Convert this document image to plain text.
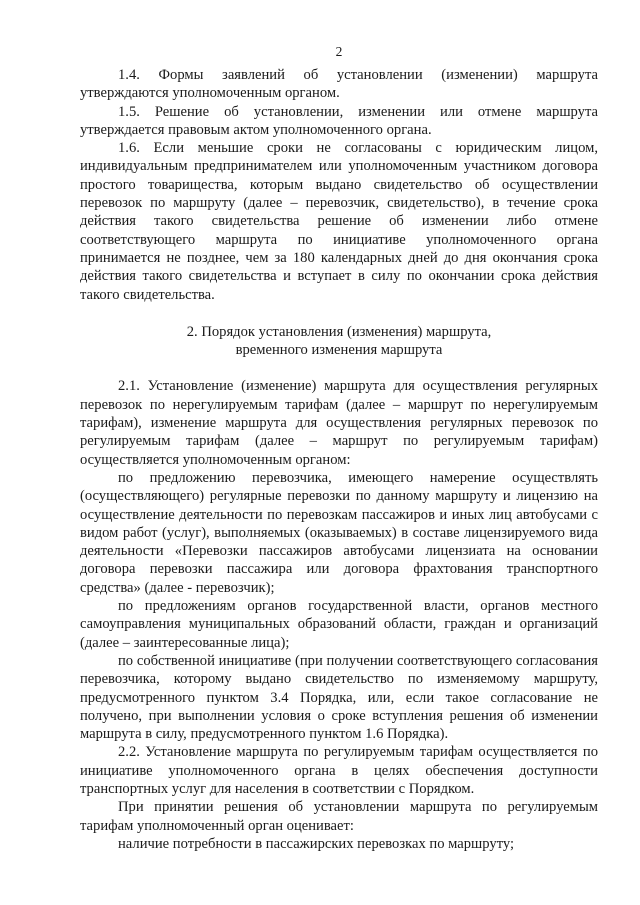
2

1.4. Формы заявлений об установлении (изменении) маршрута утверждаются уполномоченным органом.

1.5. Решение об установлении, изменении или отмене маршрута утверждается правовым актом уполномоченного органа.

1.6. Если меньшие сроки не согласованы с юридическим лицом, индивидуальным предпринимателем или уполномоченным участником договора простого товарищества, которым выдано свидетельство об осуществлении перевозок по маршруту (далее – перевозчик, свидетельство), в течение срока действия такого свидетельства решение об изменении либо отмене соответствующего маршрута по инициативе уполномоченного органа принимается не позднее, чем за 180 календарных дней до дня окончания срока действия такого свидетельства и вступает в силу по окончании срока действия такого свидетельства.

2. Порядок установления (изменения) маршрута,
временного изменения маршрута

2.1. Установление (изменение) маршрута для осуществления регулярных перевозок по нерегулируемым тарифам (далее – маршрут по нерегулируемым тарифам), изменение маршрута для осуществления регулярных перевозок по регулируемым тарифам (далее – маршрут по регулируемым тарифам) осуществляется уполномоченным органом:

по предложению перевозчика, имеющего намерение осуществлять (осуществляющего) регулярные перевозки по данному маршруту и лицензию на осуществление деятельности по перевозкам пассажиров и иных лиц автобусами с видом работ (услуг), выполняемых (оказываемых) в составе лицензируемого вида деятельности «Перевозки пассажиров автобусами лицензиата на основании договора перевозки пассажира или договора фрахтования транспортного средства» (далее - перевозчик);

по предложениям органов государственной власти, органов местного самоуправления муниципальных образований области, граждан и организаций (далее – заинтересованные лица);

по собственной инициативе (при получении соответствующего согласования перевозчика, которому выдано свидетельство по изменяемому маршруту, предусмотренного пунктом 3.4 Порядка, или, если такое согласование не получено, при выполнении условия о сроке вступления решения об изменении маршрута в силу, предусмотренного пунктом 1.6 Порядка).

2.2. Установление маршрута по регулируемым тарифам осуществляется по инициативе уполномоченного органа в целях обеспечения доступности транспортных услуг для населения в соответствии с Порядком.

При принятии решения об установлении маршрута по регулируемым тарифам уполномоченный орган оценивает:

наличие потребности в пассажирских перевозках по маршруту;
